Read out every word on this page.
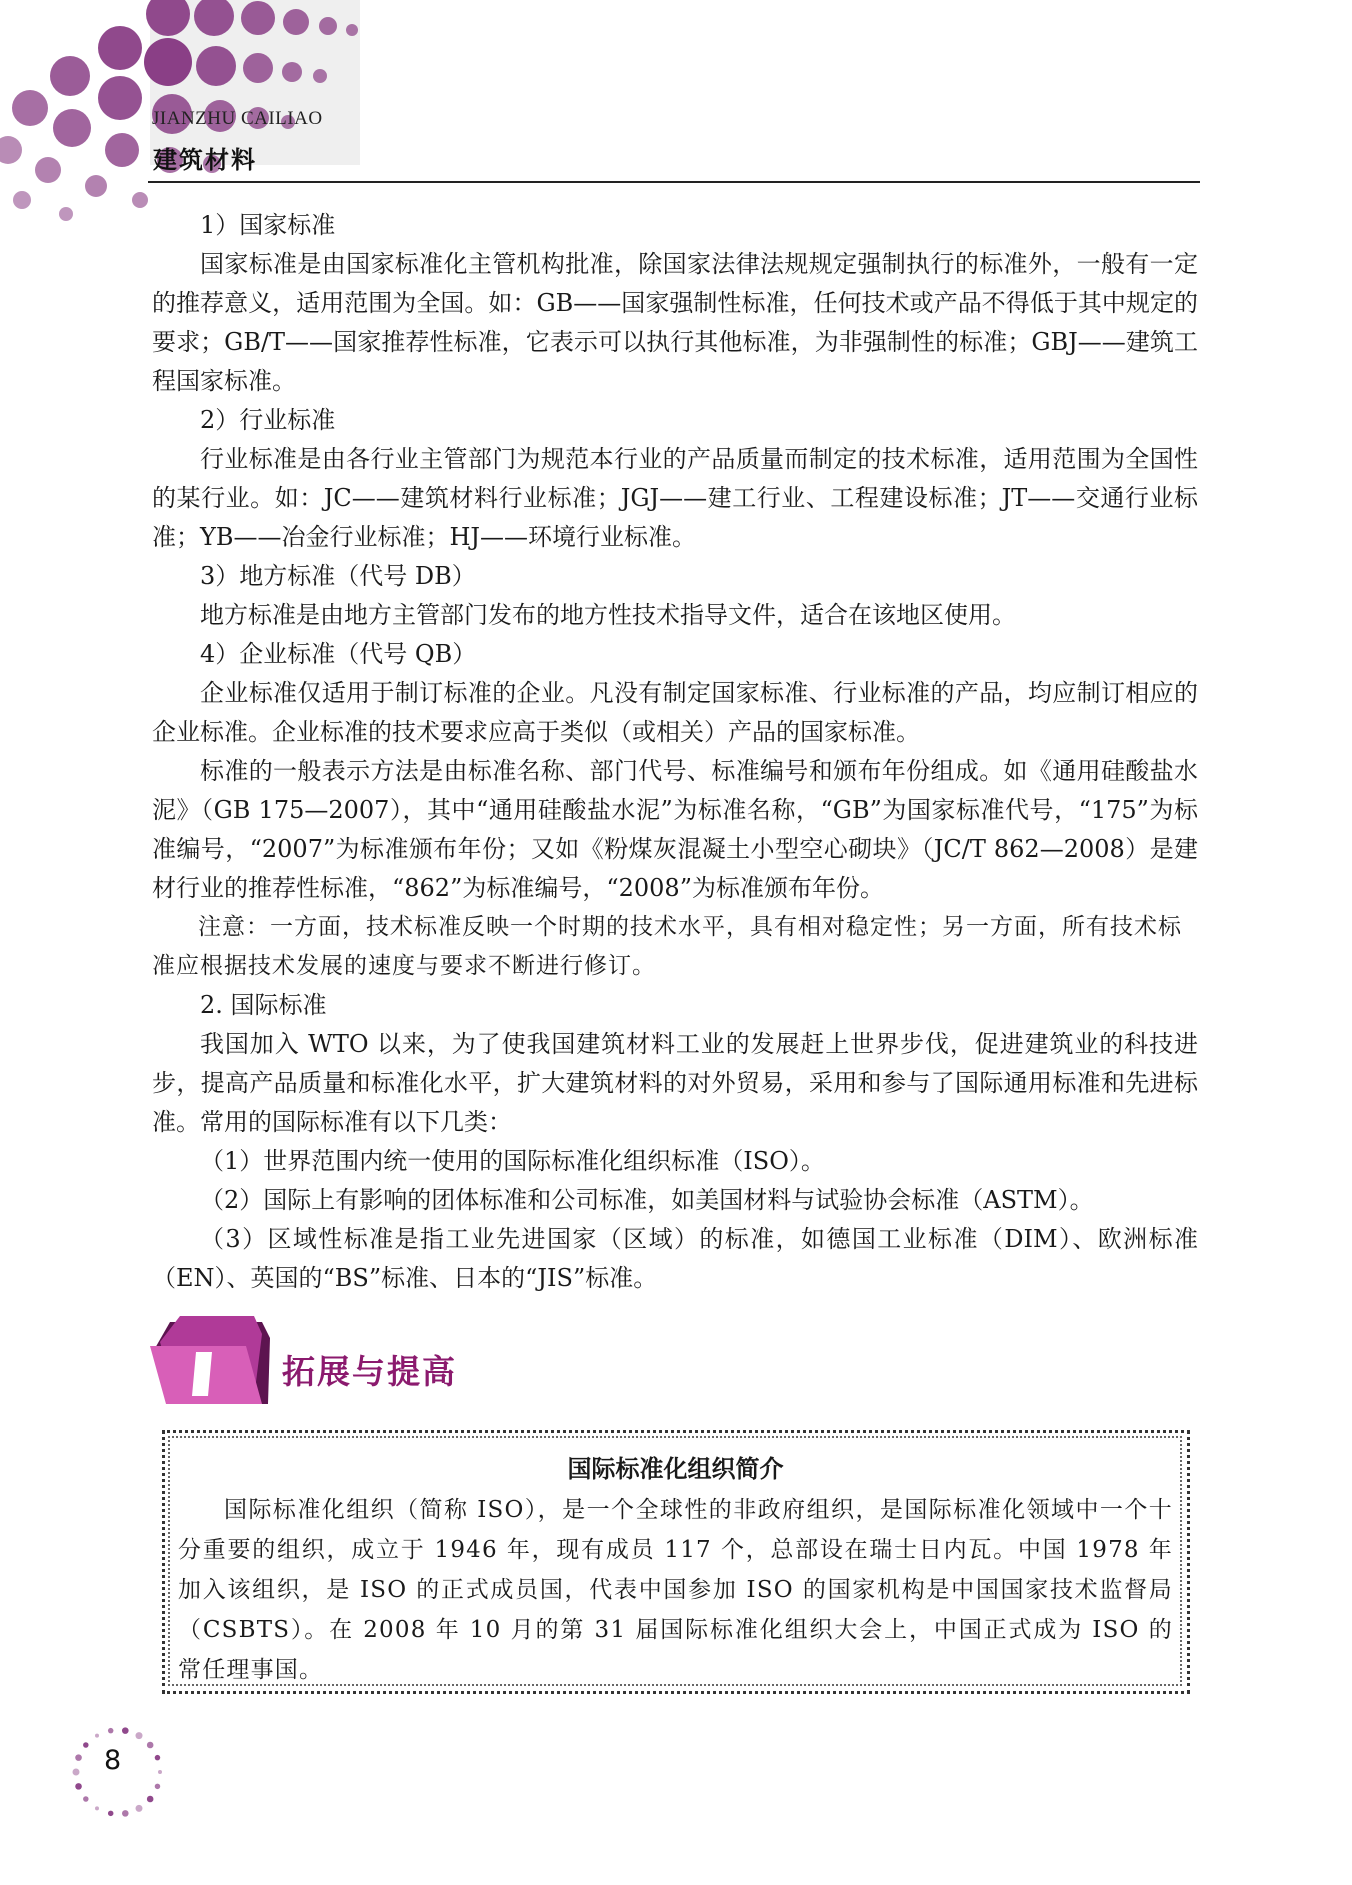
JIANZHU CAILIAO
建筑材料

1）国家标准

国家标准是由国家标准化主管机构批准，除国家法律法规规定强制执行的标准外，一般有一定的推荐意义，适用范围为全国。如：GB——国家强制性标准，任何技术或产品不得低于其中规定的要求；GB/T——国家推荐性标准，它表示可以执行其他标准，为非强制性的标准；GBJ——建筑工程国家标准。

2）行业标准

行业标准是由各行业主管部门为规范本行业的产品质量而制定的技术标准，适用范围为全国性的某行业。如：JC——建筑材料行业标准；JGJ——建工行业、工程建设标准；JT——交通行业标准；YB——冶金行业标准；HJ——环境行业标准。

3）地方标准（代号 DB）

地方标准是由地方主管部门发布的地方性技术指导文件，适合在该地区使用。

4）企业标准（代号 QB）

企业标准仅适用于制订标准的企业。凡没有制定国家标准、行业标准的产品，均应制订相应的企业标准。企业标准的技术要求应高于类似（或相关）产品的国家标准。

标准的一般表示方法是由标准名称、部门代号、标准编号和颁布年份组成。如《通用硅酸盐水泥》（GB 175—2007），其中“通用硅酸盐水泥”为标准名称，“GB”为国家标准代号，“175”为标准编号，“2007”为标准颁布年份；又如《粉煤灰混凝土小型空心砌块》（JC/T 862—2008）是建材行业的推荐性标准，“862”为标准编号，“2008”为标准颁布年份。

注意：一方面，技术标准反映一个时期的技术水平，具有相对稳定性；另一方面，所有技术标准应根据技术发展的速度与要求不断进行修订。

2. 国际标准

我国加入 WTO 以来，为了使我国建筑材料工业的发展赶上世界步伐，促进建筑业的科技进步，提高产品质量和标准化水平，扩大建筑材料的对外贸易，采用和参与了国际通用标准和先进标准。常用的国际标准有以下几类：

（1）世界范围内统一使用的国际标准化组织标准（ISO）。

（2）国际上有影响的团体标准和公司标准，如美国材料与试验协会标准（ASTM）。

（3）区域性标准是指工业先进国家（区域）的标准，如德国工业标准（DIM）、欧洲标准（EN）、英国的“BS”标准、日本的“JIS”标准。

拓展与提高

国际标准化组织简介

国际标准化组织（简称 ISO），是一个全球性的非政府组织，是国际标准化领域中一个十分重要的组织，成立于 1946 年，现有成员 117 个，总部设在瑞士日内瓦。中国 1978 年加入该组织，是 ISO 的正式成员国，代表中国参加 ISO 的国家机构是中国国家技术监督局（CSBTS）。在 2008 年 10 月的第 31 届国际标准化组织大会上，中国正式成为 ISO 的常任理事国。

8
